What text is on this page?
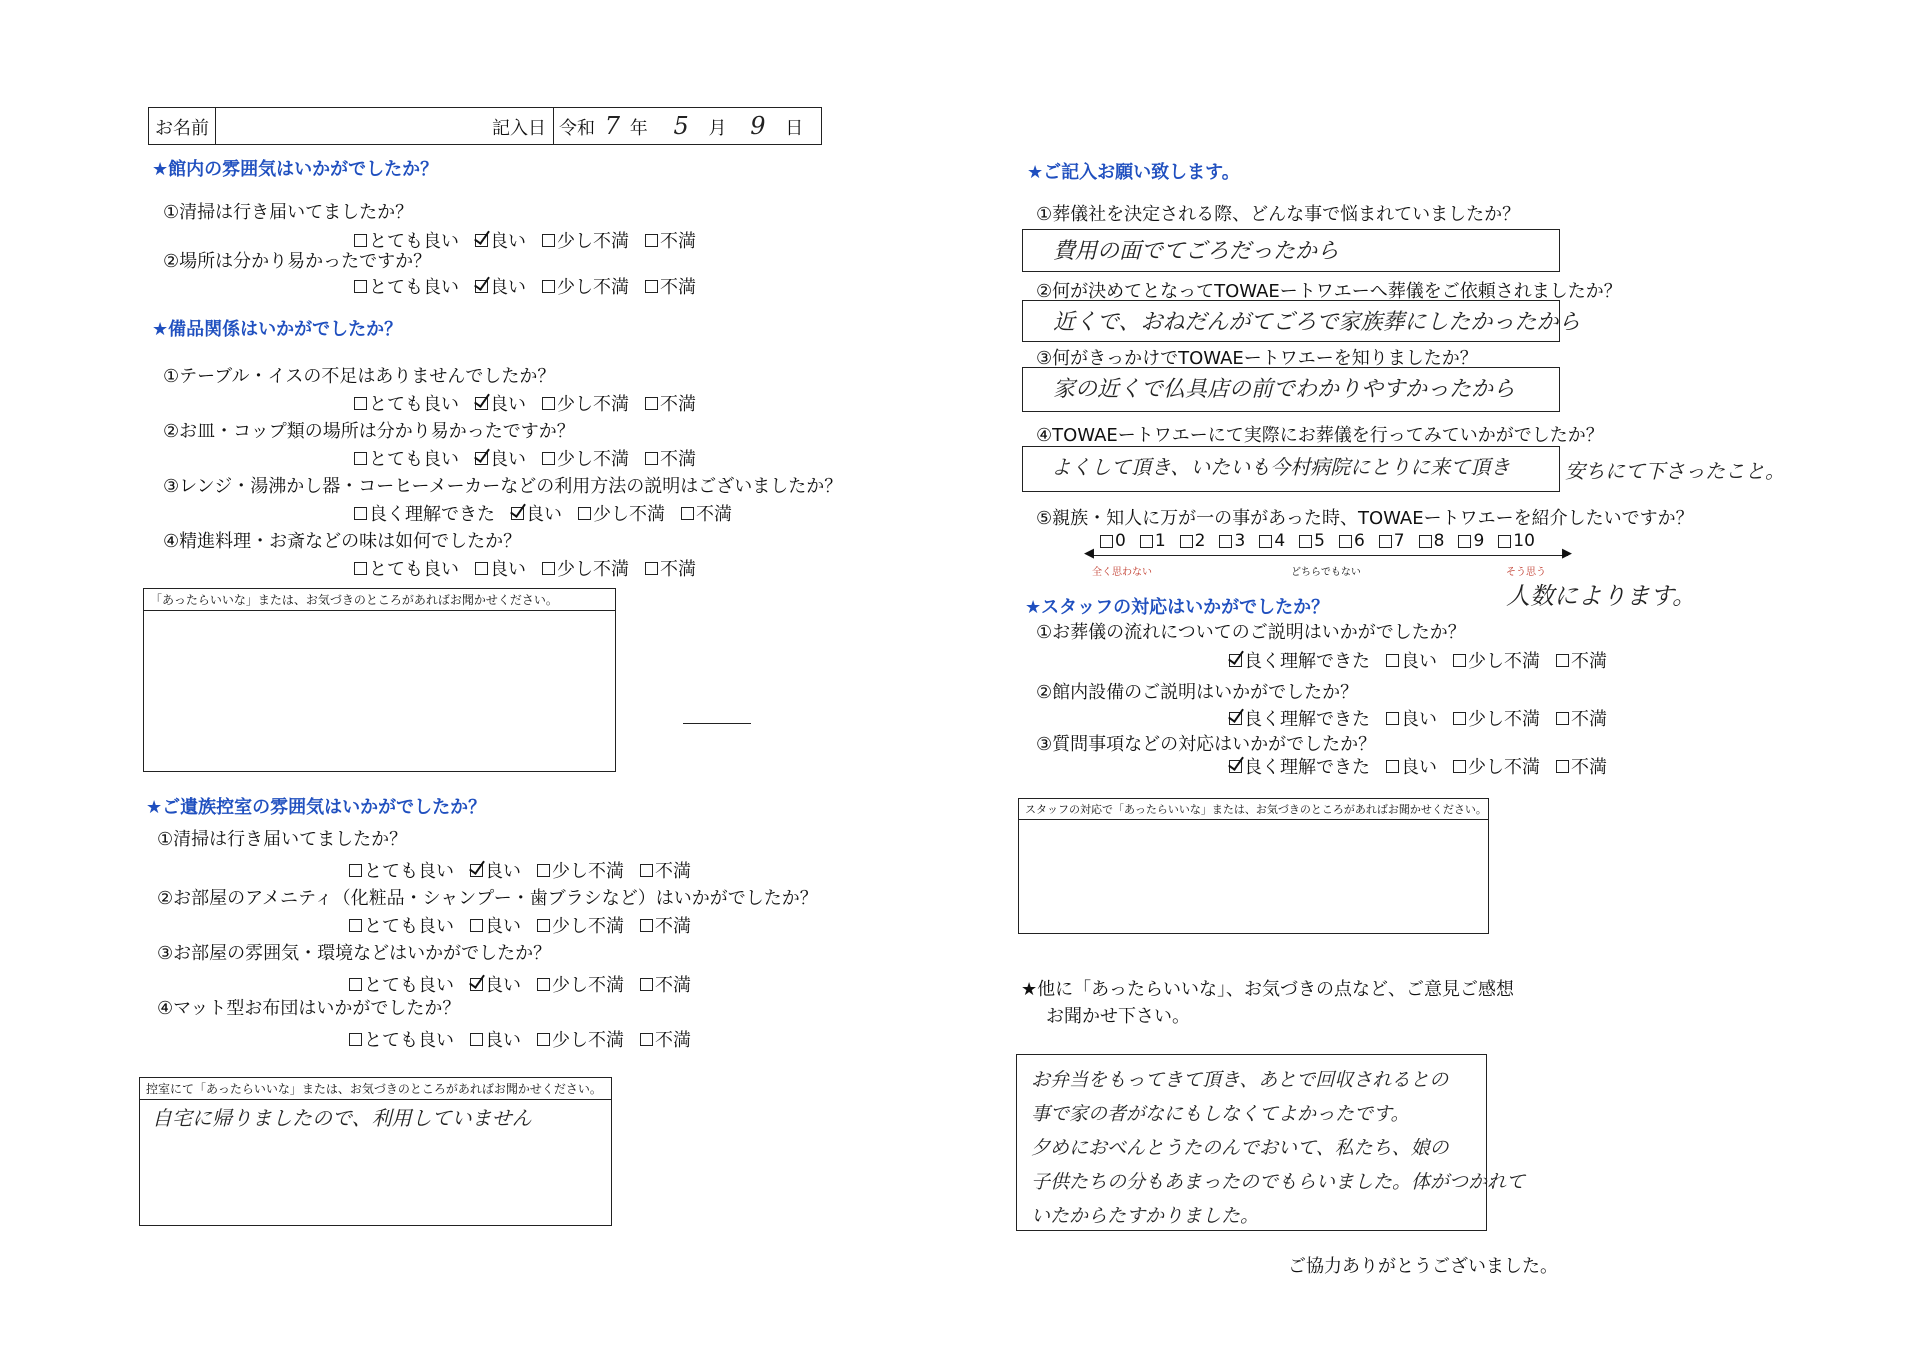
お名前	記入日 令和 7 年 5 月 9 日
★館内の雰囲気はいかがでしたか？
①清掃は行き届いてましたか？
とても良い 良い 少し不満 不満
②場所は分かり易かったですか？
とても良い 良い 少し不満 不満
★備品関係はいかがでしたか？
①テーブル・イスの不足はありませんでしたか？
とても良い 良い 少し不満 不満
②お皿・コップ類の場所は分かり易かったですか？
とても良い 良い 少し不満 不満
③レンジ・湯沸かし器・コーヒーメーカーなどの利用方法の説明はございましたか？
良く理解できた 良い 少し不満 不満
④精進料理・お斎などの味は如何でしたか？
とても良い 良い 少し不満 不満
「あったらいいな」または、お気づきのところがあればお聞かせください。
★ご遺族控室の雰囲気はいかがでしたか？
①清掃は行き届いてましたか？
とても良い 良い 少し不満 不満
②お部屋のアメニティ（化粧品・シャンプー・歯ブラシなど）はいかがでしたか？
とても良い 良い 少し不満 不満
③お部屋の雰囲気・環境などはいかがでしたか？
とても良い 良い 少し不満 不満
④マット型お布団はいかがでしたか？
とても良い 良い 少し不満 不満
控室にて「あったらいいな」または、お気づきのところがあればお聞かせください。
自宅に帰りましたので、利用していません
★ご記入お願い致します。
①葬儀社を決定される際、どんな事で悩まれていましたか？
費用の面でてごろだったから
②何が決めてとなってTOWAEートワエーへ葬儀をご依頼されましたか？
近くで、おねだんがてごろで家族葬にしたかったから
③何がきっかけでTOWAEートワエーを知りましたか？
家の近くで仏具店の前でわかりやすかったから
④TOWAEートワエーにて実際にお葬儀を行ってみていかがでしたか？
よくして頂き、いたいも今村病院にとりに来て頂き	安ちにて下さったこと。
⑤親族・知人に万が一の事があった時、TOWAEートワエーを紹介したいですか？
◀	▶
0 1 2 3 4 5 6 7 8 9 10
全く思わない	どちらでもない	そう思う
人数によります。
★スタッフの対応はいかがでしたか？
①お葬儀の流れについてのご説明はいかがでしたか？
良く理解できた 良い 少し不満 不満
②館内設備のご説明はいかがでしたか？
良く理解できた 良い 少し不満 不満
③質問事項などの対応はいかがでしたか？
良く理解できた 良い 少し不満 不満
スタッフの対応で「あったらいいな」または、お気づきのところがあればお聞かせください。
★他に「あったらいいな」、お気づきの点など、ご意見ご感想
お聞かせ下さい。
お弁当をもってきて頂き、あとで回収されるとの
事で家の者がなにもしなくてよかったです。
夕めにおべんとうたのんでおいて、私たち、娘の
子供たちの分もあまったのでもらいました。体がつかれて
いたからたすかりました。
ご協力ありがとうございました。
